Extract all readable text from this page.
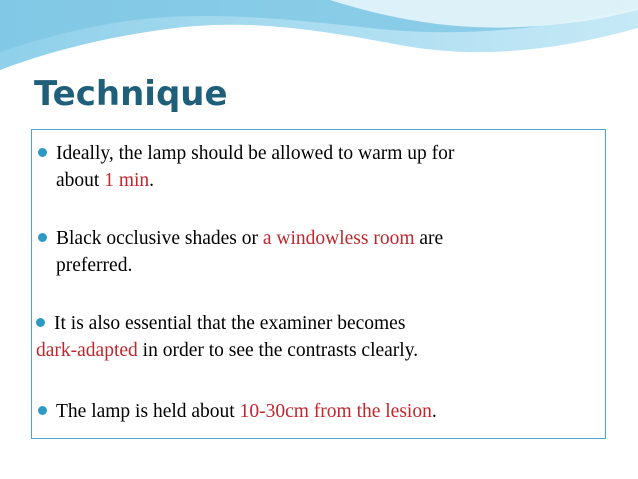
Technique
Ideally, the lamp should be allowed to warm up for
about 1 min.
Black occlusive shades or a windowless room are
preferred.
It is also essential that the examiner becomes
dark-adapted in order to see the contrasts clearly.
The lamp is held about 10-30cm from the lesion.
